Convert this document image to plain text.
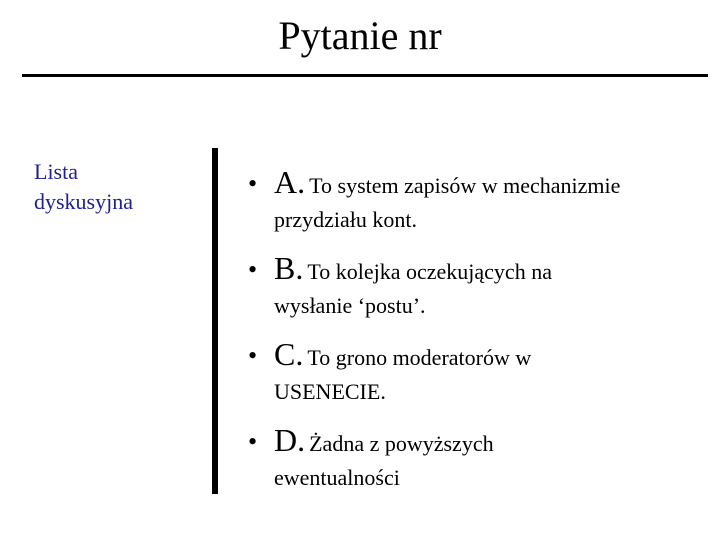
Pytanie nr
Lista
dyskusyjna
• A. To system zapisów w mechanizmie
przydziału kont.
• B. To kolejka oczekujących na
wysłanie ‘postu’.
• C. To grono moderatorów w
USENECIE.
• D. Żadna z powyższych
ewentualności
